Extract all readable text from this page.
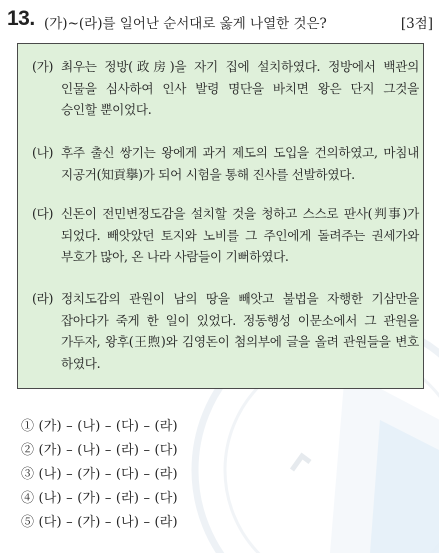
13. (가)~(라)를 일어난 순서대로 옳게 나열한 것은?	[3점]
(가) 최우는 정방(政房)을 자기 집에 설치하였다. 정방에서 백관의
인물을 심사하여 인사 발령 명단을 바치면 왕은 단지 그것을
승인할 뿐이었다.
(나) 후주 출신 쌍기는 왕에게 과거 제도의 도입을 건의하였고, 마침내
지공거(知貢擧)가 되어 시험을 통해 진사를 선발하였다.
(다) 신돈이 전민변정도감을 설치할 것을 청하고 스스로 판사(判事)가
되었다. 빼앗았던 토지와 노비를 그 주인에게 돌려주는 권세가와
부호가 많아, 온 나라 사람들이 기뻐하였다.
(라) 정치도감의 관원이 남의 땅을 빼앗고 불법을 자행한 기삼만을
잡아다가 죽게 한 일이 있었다. 정동행성 이문소에서 그 관원을
가두자, 왕후(王煦)와 김영돈이 첨의부에 글을 올려 관원들을 변호
하였다.
① (가) – (나) – (다) – (라)
② (가) – (나) – (라) – (다)
③ (나) – (가) – (다) – (라)
④ (나) – (가) – (라) – (다)
⑤ (다) – (가) – (나) – (라)
